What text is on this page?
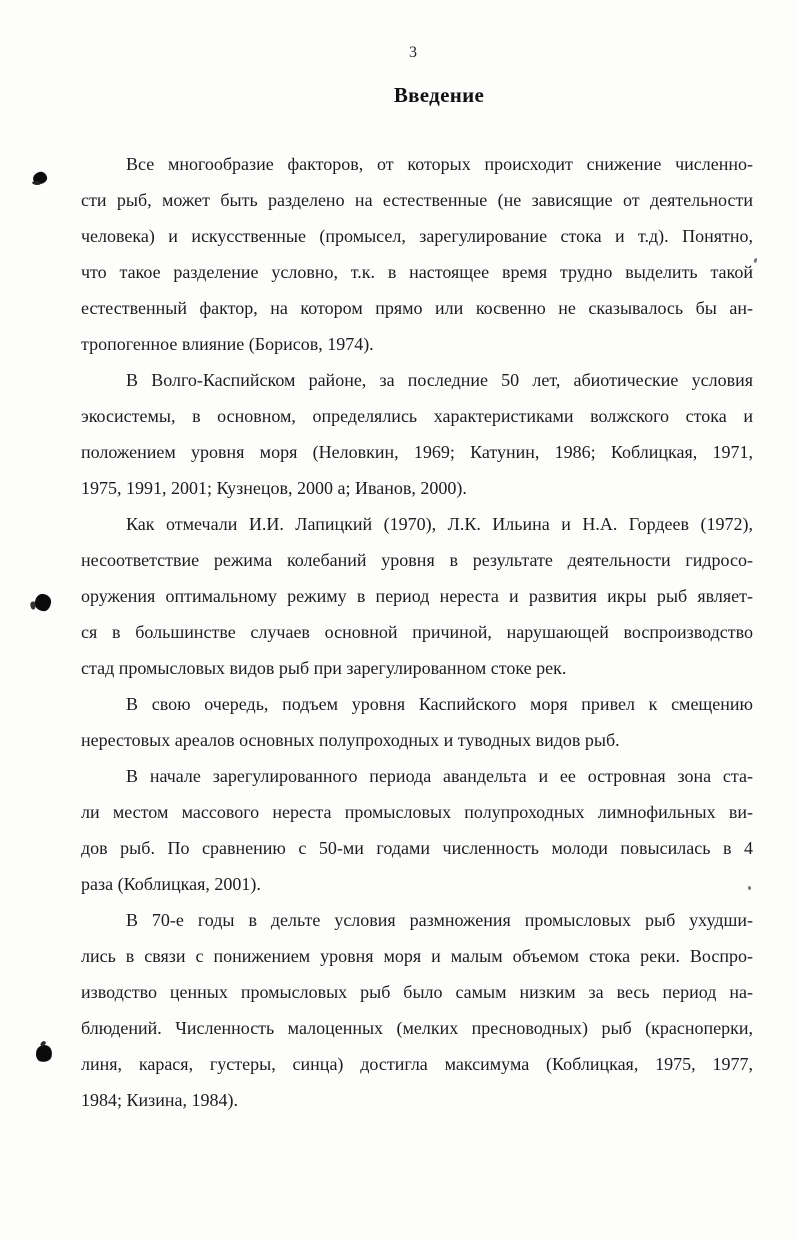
3
Введение
Все многообразие факторов, от которых происходит снижение численно-
сти рыб, может быть разделено на естественные (не зависящие от деятельности
человека) и искусственные (промысел, зарегулирование стока и т.д). Понятно,
что такое разделение условно, т.к. в настоящее время трудно выделить такой
естественный фактор, на котором прямо или косвенно не сказывалось бы ан-
тропогенное влияние (Борисов, 1974).
В Волго-Каспийском районе, за последние 50 лет, абиотические условия
экосистемы, в основном, определялись характеристиками волжского стока и
положением уровня моря (Неловкин, 1969; Катунин, 1986; Коблицкая, 1971,
1975, 1991, 2001; Кузнецов, 2000 а; Иванов, 2000).
Как отмечали И.И. Лапицкий (1970), Л.К. Ильина и Н.А. Гордеев (1972),
несоответствие режима колебаний уровня в результате деятельности гидросо-
оружения оптимальному режиму в период нереста и развития икры рыб являет-
ся в большинстве случаев основной причиной, нарушающей воспроизводство
стад промысловых видов рыб при зарегулированном стоке рек.
В свою очередь, подъем уровня Каспийского моря привел к смещению
нерестовых ареалов основных полупроходных и туводных видов рыб.
В начале зарегулированного периода авандельта и ее островная зона ста-
ли местом массового нереста промысловых полупроходных лимнофильных ви-
дов рыб. По сравнению с 50-ми годами численность молоди повысилась в 4
раза (Коблицкая, 2001).
В 70-е годы в дельте условия размножения промысловых рыб ухудши-
лись в связи с понижением уровня моря и малым объемом стока реки. Воспро-
изводство ценных промысловых рыб было самым низким за весь период на-
блюдений. Численность малоценных (мелких пресноводных) рыб (красноперки,
линя, карася, густеры, синца) достигла максимума (Коблицкая, 1975, 1977,
1984; Кизина, 1984).
